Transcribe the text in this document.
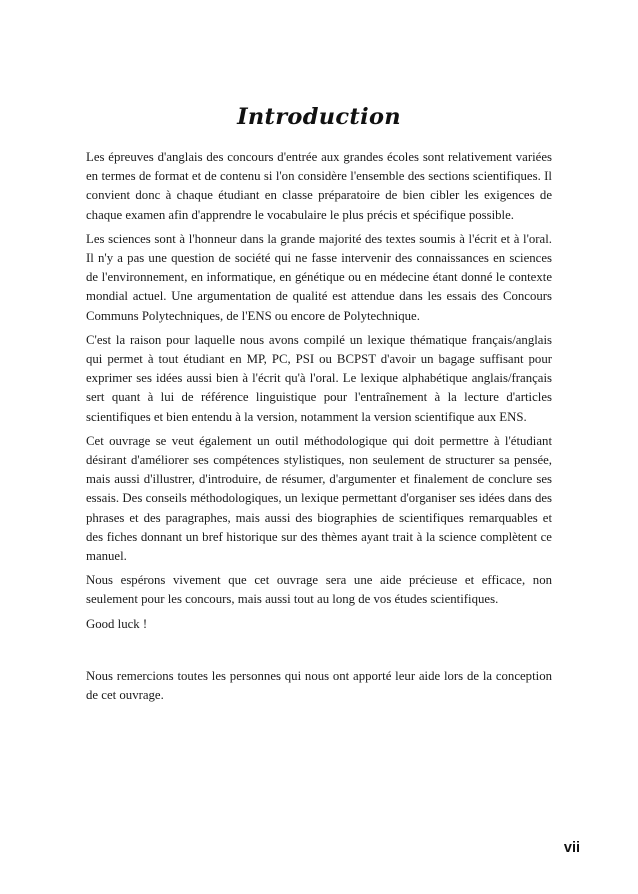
Introduction

Les épreuves d'anglais des concours d'entrée aux grandes écoles sont relativement variées en termes de format et de contenu si l'on considère l'ensemble des sections scientifiques. Il convient donc à chaque étudiant en classe préparatoire de bien cibler les exigences de chaque examen afin d'apprendre le vocabulaire le plus précis et spécifique possible.

Les sciences sont à l'honneur dans la grande majorité des textes soumis à l'écrit et à l'oral. Il n'y a pas une question de société qui ne fasse intervenir des connaissances en sciences de l'environnement, en informatique, en génétique ou en médecine étant donné le contexte mondial actuel. Une argumentation de qualité est attendue dans les essais des Concours Communs Polytechniques, de l'ENS ou encore de Polytechnique.

C'est la raison pour laquelle nous avons compilé un lexique thématique français/anglais qui permet à tout étudiant en MP, PC, PSI ou BCPST d'avoir un bagage suffisant pour exprimer ses idées aussi bien à l'écrit qu'à l'oral. Le lexique alphabétique anglais/français sert quant à lui de référence linguistique pour l'entraînement à la lecture d'articles scientifiques et bien entendu à la version, notamment la version scientifique aux ENS.

Cet ouvrage se veut également un outil méthodologique qui doit permettre à l'étudiant désirant d'améliorer ses compétences stylistiques, non seulement de structurer sa pensée, mais aussi d'illustrer, d'introduire, de résumer, d'argumenter et finalement de conclure ses essais. Des conseils méthodologiques, un lexique permettant d'organiser ses idées dans des phrases et des paragraphes, mais aussi des biographies de scientifiques remarquables et des fiches donnant un bref historique sur des thèmes ayant trait à la science complètent ce manuel.

Nous espérons vivement que cet ouvrage sera une aide précieuse et efficace, non seulement pour les concours, mais aussi tout au long de vos études scientifiques.

Good luck !

Nous remercions toutes les personnes qui nous ont apporté leur aide lors de la conception de cet ouvrage.

vii
